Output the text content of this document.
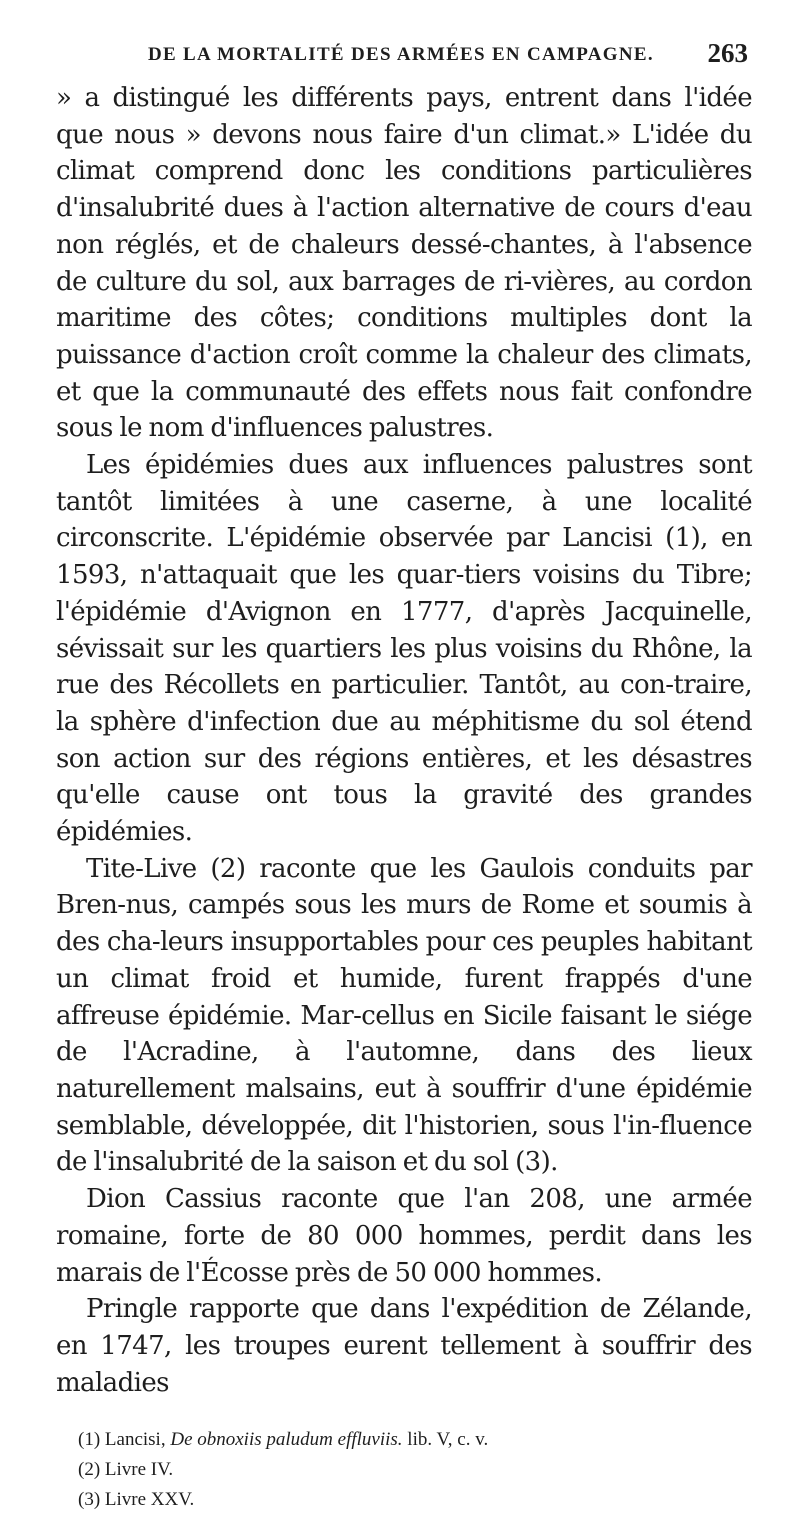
DE LA MORTALITÉ DES ARMÉES EN CAMPAGNE. 263

» a distingué les différents pays, entrent dans l'idée que nous » devons nous faire d'un climat.» L'idée du climat comprend donc les conditions particulières d'insalubrité dues à l'action alternative de cours d'eau non réglés, et de chaleurs dessé-chantes, à l'absence de culture du sol, aux barrages de ri-vières, au cordon maritime des côtes; conditions multiples dont la puissance d'action croît comme la chaleur des climats, et que la communauté des effets nous fait confondre sous le nom d'influences palustres.

Les épidémies dues aux influences palustres sont tantôt limitées à une caserne, à une localité circonscrite. L'épidémie observée par Lancisi (1), en 1593, n'attaquait que les quar-tiers voisins du Tibre; l'épidémie d'Avignon en 1777, d'après Jacquinelle, sévissait sur les quartiers les plus voisins du Rhône, la rue des Récollets en particulier. Tantôt, au con-traire, la sphère d'infection due au méphitisme du sol étend son action sur des régions entières, et les désastres qu'elle cause ont tous la gravité des grandes épidémies.

Tite-Live (2) raconte que les Gaulois conduits par Bren-nus, campés sous les murs de Rome et soumis à des cha-leurs insupportables pour ces peuples habitant un climat froid et humide, furent frappés d'une affreuse épidémie. Mar-cellus en Sicile faisant le siége de l'Acradine, à l'automne, dans des lieux naturellement malsains, eut à souffrir d'une épidémie semblable, développée, dit l'historien, sous l'in-fluence de l'insalubrité de la saison et du sol (3).

Dion Cassius raconte que l'an 208, une armée romaine, forte de 80 000 hommes, perdit dans les marais de l'Écosse près de 50 000 hommes.

Pringle rapporte que dans l'expédition de Zélande, en 1747, les troupes eurent tellement à souffrir des maladies

(1) Lancisi, De obnoxiis paludum effluviis. lib. V, c. v.
(2) Livre IV.
(3) Livre XXV.
